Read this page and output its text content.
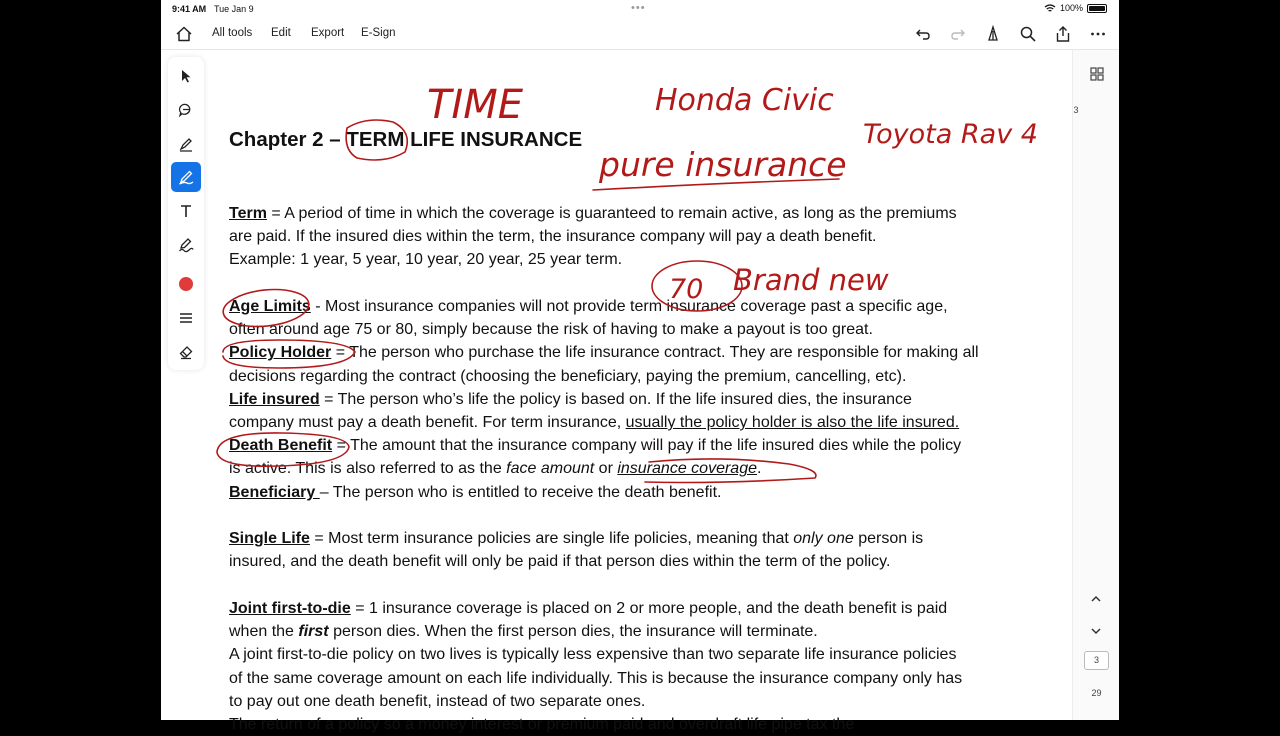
9:41 AM Tue Jan 9	•••	100%
All tools Edit Export E-Sign
Chapter 2 – TERM LIFE INSURANCE
Term = A period of time in which the coverage is guaranteed to remain active, as long as the premiums
are paid. If the insured dies within the term, the insurance company will pay a death benefit.
Example: 1 year, 5 year, 10 year, 20 year, 25 year term.
Age Limits - Most insurance companies will not provide term insurance coverage past a specific age,
often around age 75 or 80, simply because the risk of having to make a payout is too great.
Policy Holder = The person who purchase the life insurance contract. They are responsible for making all
decisions regarding the contract (choosing the beneficiary, paying the premium, cancelling, etc).
Life insured = The person who’s life the policy is based on. If the life insured dies, the insurance
company must pay a death benefit. For term insurance, usually the policy holder is also the life insured.
Death Benefit = The amount that the insurance company will pay if the life insured dies while the policy
is active. This is also referred to as the face amount or insurance coverage.
Beneficiary – The person who is entitled to receive the death benefit.
Single Life = Most term insurance policies are single life policies, meaning that only one person is
insured, and the death benefit will only be paid if that person dies within the term of the policy.
Joint first-to-die = 1 insurance coverage is placed on 2 or more people, and the death benefit is paid
when the first person dies. When the first person dies, the insurance will terminate.
A joint first-to-die policy on two lives is typically less expensive than two separate life insurance policies
of the same coverage amount on each life individually. This is because the insurance company only has
to pay out one death benefit, instead of two separate ones.
The return of a policy so a money interest or premium paid and overdraft life pipe tax the
3
3
29
TIME	Honda Civic
pure insurance
Toyota Rav 4
70 Brand new
